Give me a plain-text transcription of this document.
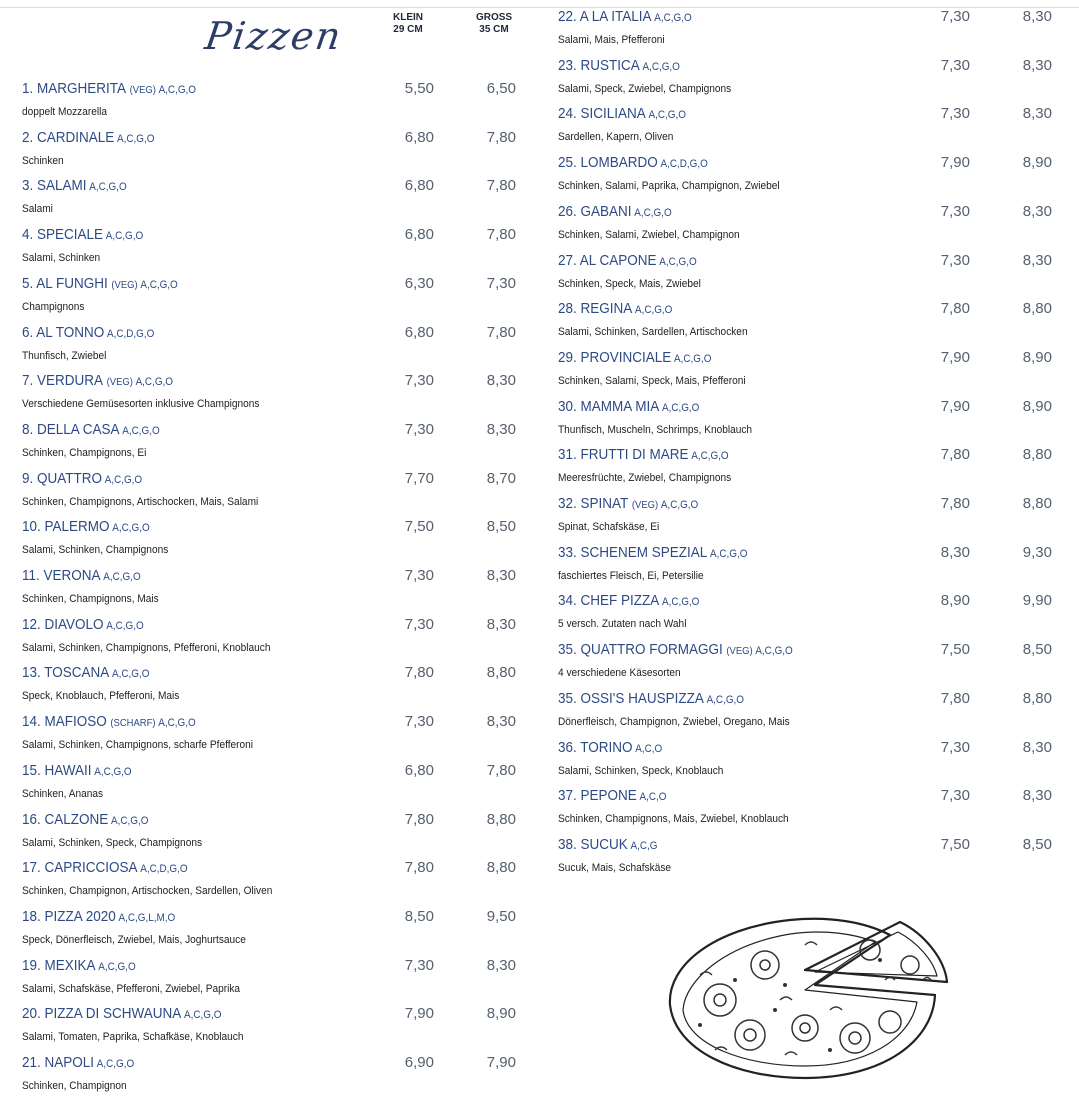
Pizzen	KLEIN
29 CM
GROSS
35 CM
1. MARGHERITA (VEG) A,C,G,O
doppelt Mozzarella
5,50	6,50
2. CARDINALE A,C,G,O
Schinken
6,80	7,80
3. SALAMI A,C,G,O
Salami
6,80	7,80
4. SPECIALE A,C,G,O
Salami, Schinken
6,80	7,80
5. AL FUNGHI (VEG) A,C,G,O
Champignons
6,30	7,30
6. AL TONNO A,C,D,G,O
Thunfisch, Zwiebel
6,80	7,80
7. VERDURA (VEG) A,C,G,O
Verschiedene Gemüsesorten inklusive Champignons
7,30	8,30
8. DELLA CASA A,C,G,O
Schinken, Champignons, Ei
7,30	8,30
9. QUATTRO A,C,G,O
Schinken, Champignons, Artischocken, Mais, Salami
7,70	8,70
10. PALERMO A,C,G,O
Salami, Schinken, Champignons
7,50	8,50
11. VERONA A,C,G,O
Schinken, Champignons, Mais
7,30	8,30
12. DIAVOLO A,C,G,O
Salami, Schinken, Champignons, Pfefferoni, Knoblauch
7,30	8,30
13. TOSCANA A,C,G,O
Speck, Knoblauch, Pfefferoni, Mais
7,80	8,80
14. MAFIOSO (SCHARF) A,C,G,O
Salami, Schinken, Champignons, scharfe Pfefferoni
7,30	8,30
15. HAWAII A,C,G,O
Schinken, Ananas
6,80	7,80
16. CALZONE A,C,G,O
Salami, Schinken, Speck, Champignons
7,80	8,80
17. CAPRICCIOSA A,C,D,G,O
Schinken, Champignon, Artischocken, Sardellen, Oliven
7,80	8,80
18. PIZZA 2020 A,C,G,L,M,O
Speck, Dönerfleisch, Zwiebel, Mais, Joghurtsauce
8,50	9,50
19. MEXIKA A,C,G,O
Salami, Schafskäse, Pfefferoni, Zwiebel, Paprika
7,30	8,30
20. PIZZA DI SCHWAUNA A,C,G,O
Salami, Tomaten, Paprika, Schafkäse, Knoblauch
7,90	8,90
21. NAPOLI A,C,G,O
Schinken, Champignon
6,90	7,90
22. A LA ITALIA A,C,G,O
Salami, Mais, Pfefferoni
7,30	8,30
23. RUSTICA A,C,G,O
Salami, Speck, Zwiebel, Champignons
7,30	8,30
24. SICILIANA A,C,G,O
Sardellen, Kapern, Oliven
7,30	8,30
25. LOMBARDO A,C,D,G,O
Schinken, Salami, Paprika, Champignon, Zwiebel
7,90	8,90
26. GABANI A,C,G,O
Schinken, Salami, Zwiebel, Champignon
7,30	8,30
27. AL CAPONE A,C,G,O
Schinken, Speck, Mais, Zwiebel
7,30	8,30
28. REGINA A,C,G,O
Salami, Schinken, Sardellen, Artischocken
7,80	8,80
29. PROVINCIALE A,C,G,O
Schinken, Salami, Speck, Mais, Pfefferoni
7,90	8,90
30. MAMMA MIA A,C,G,O
Thunfisch, Muscheln, Schrimps, Knoblauch
7,90	8,90
31. FRUTTI DI MARE A,C,G,O
Meeresfrüchte, Zwiebel, Champignons
7,80	8,80
32. SPINAT (VEG) A,C,G,O
Spinat, Schafskäse, Ei
7,80	8,80
33. SCHENEM SPEZIAL A,C,G,O
faschiertes Fleisch, Ei, Petersilie
8,30	9,30
34. CHEF PIZZA A,C,G,O
5 versch. Zutaten nach Wahl
8,90	9,90
35. QUATTRO FORMAGGI (VEG) A,C,G,O
4 verschiedene Käsesorten
7,50	8,50
35. OSSI'S HAUSPIZZA A,C,G,O
Dönerfleisch, Champignon, Zwiebel, Oregano, Mais
7,80	8,80
36. TORINO A,C,O
Salami, Schinken, Speck, Knoblauch
7,30	8,30
37. PEPONE A,C,O
Schinken, Champignons, Mais, Zwiebel, Knoblauch
7,30	8,30
38. SUCUK A,C,G
Sucuk, Mais, Schafskäse
7,50	8,50
